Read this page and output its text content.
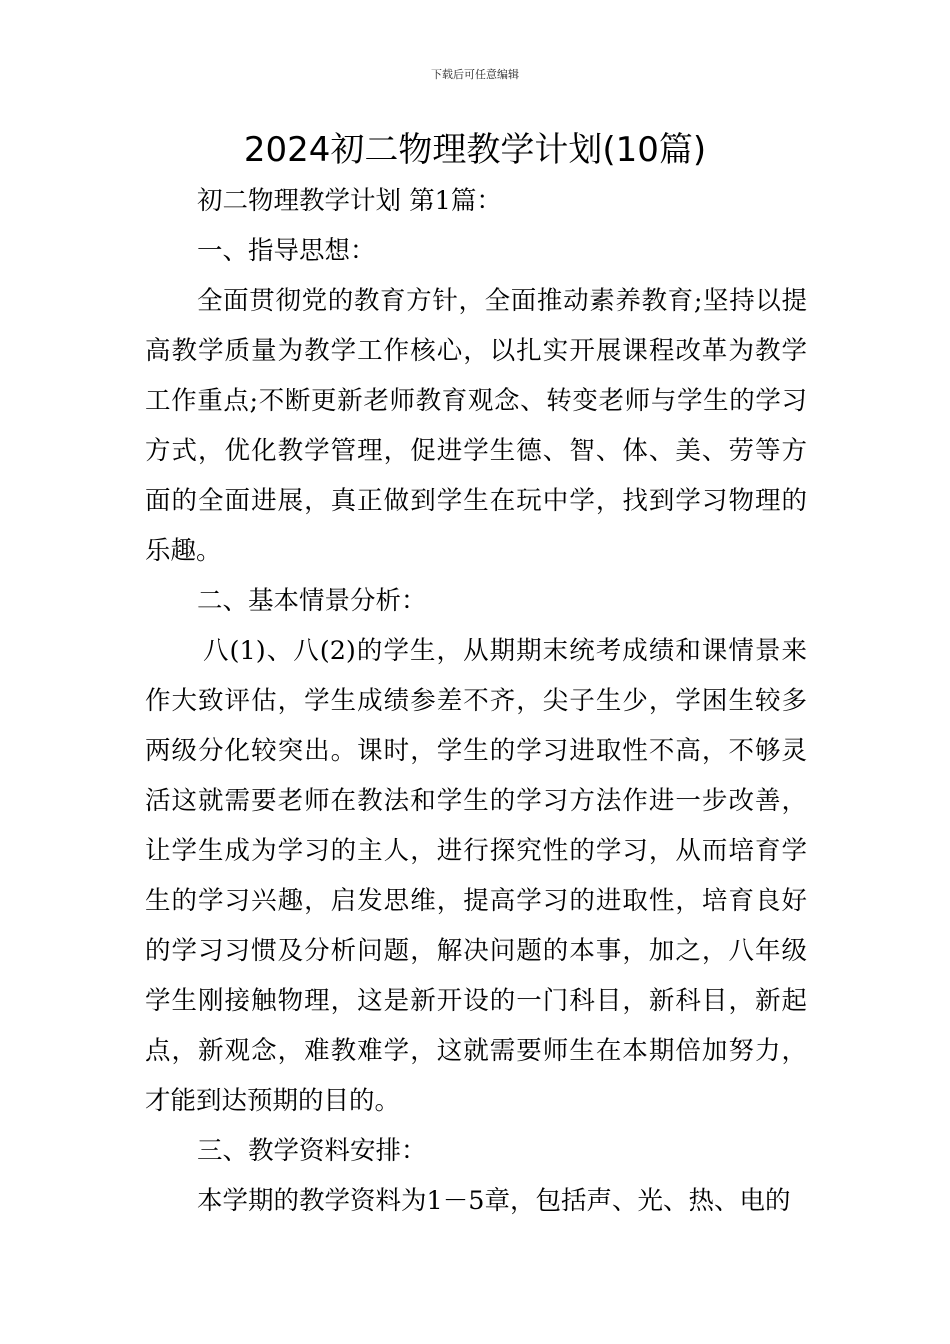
下载后可任意编辑
2024初二物理教学计划(10篇)

初二物理教学计划 第1篇：

一、指导思想：

全面贯彻党的教育方针，全面推动素养教育;坚持以提高教学质量为教学工作核心，以扎实开展课程改革为教学工作重点;不断更新老师教育观念、转变老师与学生的学习方式，优化教学管理，促进学生德、智、体、美、劳等方面的全面进展，真正做到学生在玩中学，找到学习物理的乐趣。

二、基本情景分析：

八(1)、八(2)的学生，从期期末统考成绩和课情景来作大致评估，学生成绩参差不齐，尖子生少，学困生较多两级分化较突出。课时，学生的学习进取性不高，不够灵活这就需要老师在教法和学生的学习方法作进一步改善，让学生成为学习的主人，进行探究性的学习，从而培育学生的学习兴趣，启发思维，提高学习的进取性，培育良好的学习习惯及分析问题，解决问题的本事，加之，八年级学生刚接触物理，这是新开设的一门科目，新科目，新起点，新观念，难教难学，这就需要师生在本期倍加努力，才能到达预期的目的。

三、教学资料安排：

本学期的教学资料为1－5章，包括声、光、热、电的
